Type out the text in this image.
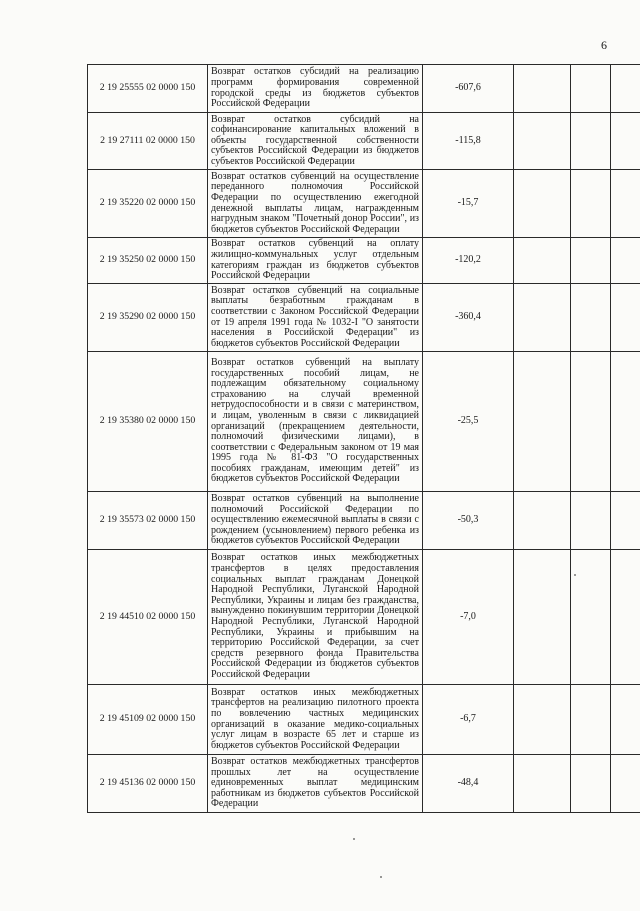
6
2 19 25555 02 0000 150	Возврат остатков субсидий на реализацию программ формирования современной городской среды из бюджетов субъектов Российской Федерации	-607,6			
2 19 27111 02 0000 150	Возврат остатков субсидий на софинансирование капитальных вложений в объекты государственной собственности субъектов Российской Федерации из бюджетов субъектов Российской Федерации	-115,8			
2 19 35220 02 0000 150	Возврат остатков субвенций на осуществление переданного полномочия Российской Федерации по осуществлению ежегодной денежной выплаты лицам, награжденным нагрудным знаком "Почетный донор России", из бюджетов субъектов Российской Федерации	-15,7			
2 19 35250 02 0000 150	Возврат остатков субвенций на оплату жилищно-коммунальных услуг отдельным категориям граждан из бюджетов субъектов Российской Федерации	-120,2			
2 19 35290 02 0000 150	Возврат остатков субвенций на социальные выплаты безработным гражданам в соответствии с Законом Российской Федерации от 19 апреля 1991 года № 1032-I "О занятости населения в Российской Федерации" из бюджетов субъектов Российской Федерации	-360,4			
2 19 35380 02 0000 150	Возврат остатков субвенций на выплату государственных пособий лицам, не подлежащим обязательному социальному страхованию на случай временной нетрудоспособности и в связи с материнством, и лицам, уволенным в связи с ликвидацией организаций (прекращением деятельности, полномочий физическими лицами), в соответствии с Федеральным законом от 19 мая 1995 года № 81-ФЗ "О государственных пособиях гражданам, имеющим детей" из бюджетов субъектов Российской Федерации	-25,5			
2 19 35573 02 0000 150	Возврат остатков субвенций на выполнение полномочий Российской Федерации по осуществлению ежемесячной выплаты в связи с рождением (усыновлением) первого ребенка из бюджетов субъектов Российской Федерации	-50,3			
2 19 44510 02 0000 150	Возврат остатков иных межбюджетных трансфертов в целях предоставления социальных выплат гражданам Донецкой Народной Республики, Луганской Народной Республики, Украины и лицам без гражданства, вынужденно покинувшим территории Донецкой Народной Республики, Луганской Народной Республики, Украины и прибывшим на территорию Российской Федерации, за счет средств резервного фонда Правительства Российской Федерации из бюджетов субъектов Российской Федерации	-7,0			
2 19 45109 02 0000 150	Возврат остатков иных межбюджетных трансфертов на реализацию пилотного проекта по вовлечению частных медицинских организаций в оказание медико-социальных услуг лицам в возрасте 65 лет и старше из бюджетов субъектов Российской Федерации	-6,7			
2 19 45136 02 0000 150	Возврат остатков межбюджетных трансфертов прошлых лет на осуществление единовременных выплат медицинским работникам из бюджетов субъектов Российской Федерации	-48,4			
